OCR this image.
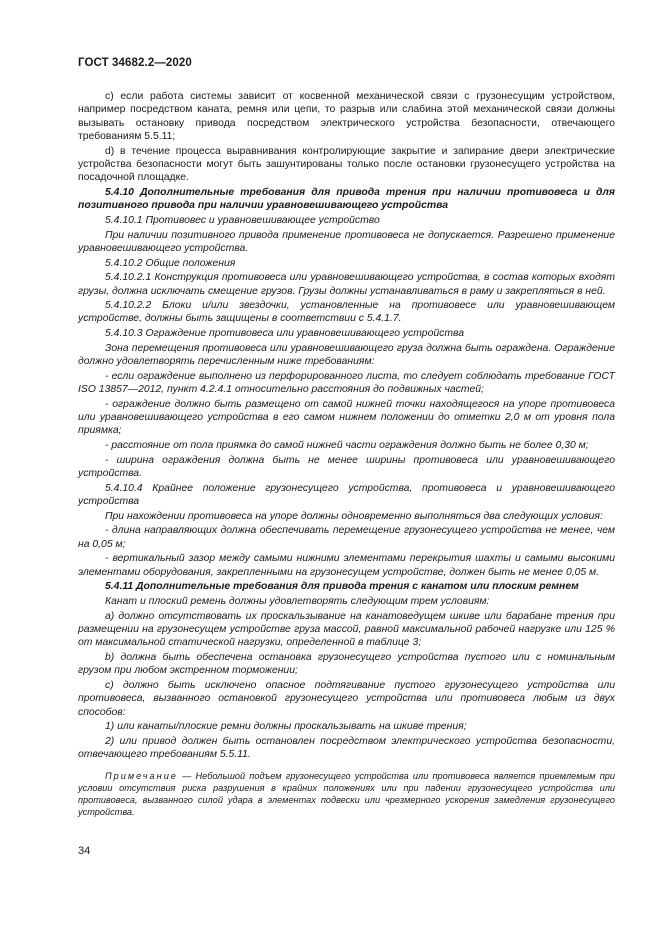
ГОСТ 34682.2—2020

c) если работа системы зависит от косвенной механической связи с грузонесущим устройством, например посредством каната, ремня или цепи, то разрыв или слабина этой механической связи должны вызывать остановку привода посредством электрического устройства безопасности, отвечающего требованиям 5.5.11;

d) в течение процесса выравнивания контролирующие закрытие и запирание двери электрические устройства безопасности могут быть зашунтированы только после остановки грузонесущего устройства на посадочной площадке.

5.4.10 Дополнительные требования для привода трения при наличии противовеса и для позитивного привода при наличии уравновешивающего устройства

5.4.10.1 Противовес и уравновешивающее устройство

При наличии позитивного привода применение противовеса не допускается. Разрешено применение уравновешивающего устройства.

5.4.10.2 Общие положения

5.4.10.2.1 Конструкция противовеса или уравновешивающего устройства, в состав которых входят грузы, должна исключать смещение грузов. Грузы должны устанавливаться в раму и закрепляться в ней.

5.4.10.2.2 Блоки и/или звездочки, установленные на противовесе или уравновешивающем устройстве, должны быть защищены в соответствии с 5.4.1.7.

5.4.10.3 Ограждение противовеса или уравновешивающего устройства

Зона перемещения противовеса или уравновешивающего груза должна быть ограждена. Ограждение должно удовлетворять перечисленным ниже требованиям:

- если ограждение выполнено из перфорированного листа, то следует соблюдать требование ГОСТ ISO 13857—2012, пункт 4.2.4.1 относительно расстояния до подвижных частей;

- ограждение должно быть размещено от самой нижней точки находящегося на упоре противовеса или уравновешивающего устройства в его самом нижнем положении до отметки 2,0 м от уровня пола приямка;

- расстояние от пола приямка до самой нижней части ограждения должно быть не более 0,30 м;

- ширина ограждения должна быть не менее ширины противовеса или уравновешивающего устройства.

5.4.10.4 Крайнее положение грузонесущего устройства, противовеса и уравновешивающего устройства

При нахождении противовеса на упоре должны одновременно выполняться два следующих условия:

- длина направляющих должна обеспечивать перемещение грузонесущего устройства не менее, чем на 0,05 м;

- вертикальный зазор между самыми нижними элементами перекрытия шахты и самыми высокими элементами оборудования, закрепленными на грузонесущем устройстве, должен быть не менее 0,05 м.

5.4.11 Дополнительные требования для привода трения с канатом или плоским ремнем

Канат и плоский ремень должны удовлетворять следующим трем условиям:

a) должно отсутствовать их проскальзывание на канатоведущем шкиве или барабане трения при размещении на грузонесущем устройстве груза массой, равной максимальной рабочей нагрузке или 125 % от максимальной статической нагрузки, определенной в таблице 3;

b) должна быть обеспечена остановка грузонесущего устройства пустого или с номинальным грузом при любом экстренном торможении;

c) должно быть исключено опасное подтягивание пустого грузонесущего устройства или противовеса, вызванного остановкой грузонесущего устройства или противовеса любым из двух способов:

1) или канаты/плоские ремни должны проскальзывать на шкиве трения;

2) или привод должен быть остановлен посредством электрического устройства безопасности, отвечающего требованиям 5.5.11.

Примечание — Небольшой подъем грузонесущего устройства или противовеса является приемлемым при условии отсутствия риска разрушения в крайних положениях или при падении грузонесущего устройства или противовеса, вызванного силой удара в элементах подвески или чрезмерного ускорения замедления грузонесущего устройства.

34
